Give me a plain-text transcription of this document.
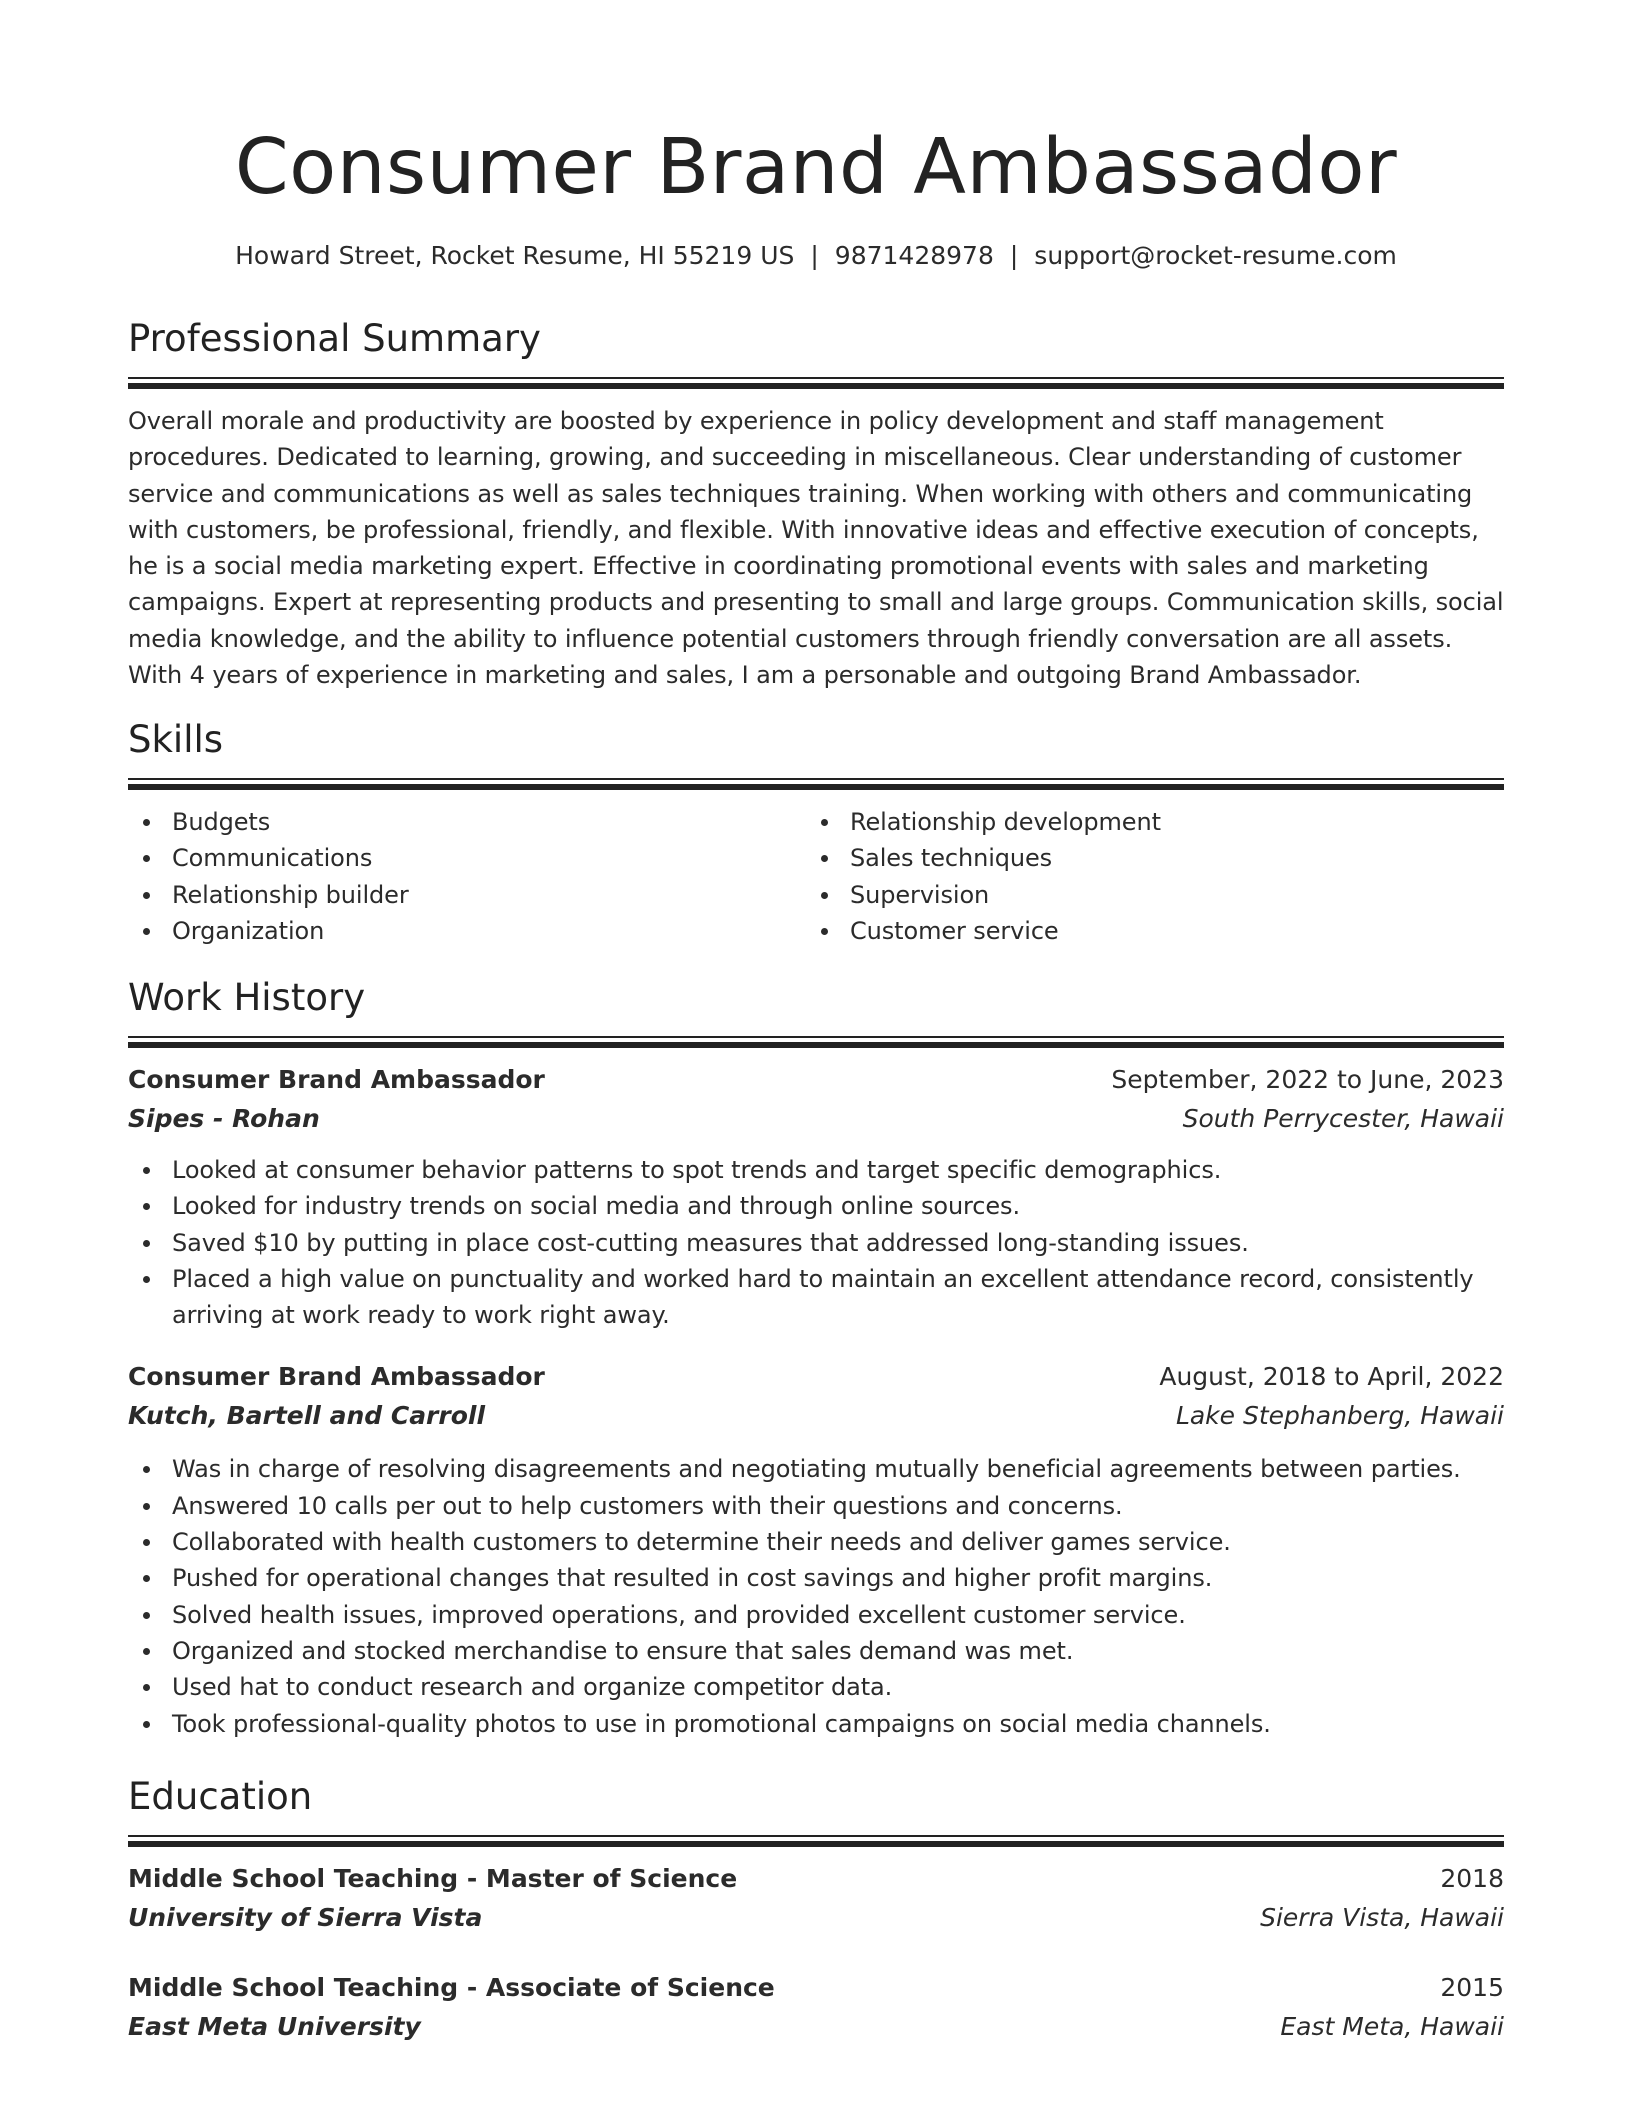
Consumer Brand Ambassador
Howard Street, Rocket Resume, HI 55219 US | 9871428978 | support@rocket-resume.com
Professional Summary

Overall morale and productivity are boosted by experience in policy development and staff management procedures. Dedicated to learning, growing, and succeeding in miscellaneous. Clear understanding of customer service and communications as well as sales techniques training. When working with others and communicating with customers, be professional, friendly, and flexible. With innovative ideas and effective execution of concepts, he is a social media marketing expert. Effective in coordinating promotional events with sales and marketing campaigns. Expert at representing products and presenting to small and large groups. Communication skills, social media knowledge, and the ability to influence potential customers through friendly conversation are all assets. With 4 years of experience in marketing and sales, I am a personable and outgoing Brand Ambassador.

Skills
Budgets
Communications
Relationship builder
Organization
Relationship development
Sales techniques
Supervision
Customer service
Work History
Consumer Brand Ambassador	September, 2022 to June, 2023
Sipes - Rohan	South Perrycester, Hawaii
Looked at consumer behavior patterns to spot trends and target specific demographics.
Looked for industry trends on social media and through online sources.
Saved $10 by putting in place cost-cutting measures that addressed long-standing issues.
Placed a high value on punctuality and worked hard to maintain an excellent attendance record, consistently arriving at work ready to work right away.
Consumer Brand Ambassador	August, 2018 to April, 2022
Kutch, Bartell and Carroll	Lake Stephanberg, Hawaii
Was in charge of resolving disagreements and negotiating mutually beneficial agreements between parties.
Answered 10 calls per out to help customers with their questions and concerns.
Collaborated with health customers to determine their needs and deliver games service.
Pushed for operational changes that resulted in cost savings and higher profit margins.
Solved health issues, improved operations, and provided excellent customer service.
Organized and stocked merchandise to ensure that sales demand was met.
Used hat to conduct research and organize competitor data.
Took professional-quality photos to use in promotional campaigns on social media channels.
Education
Middle School Teaching - Master of Science	2018
University of Sierra Vista	Sierra Vista, Hawaii
Middle School Teaching - Associate of Science	2015
East Meta University	East Meta, Hawaii
